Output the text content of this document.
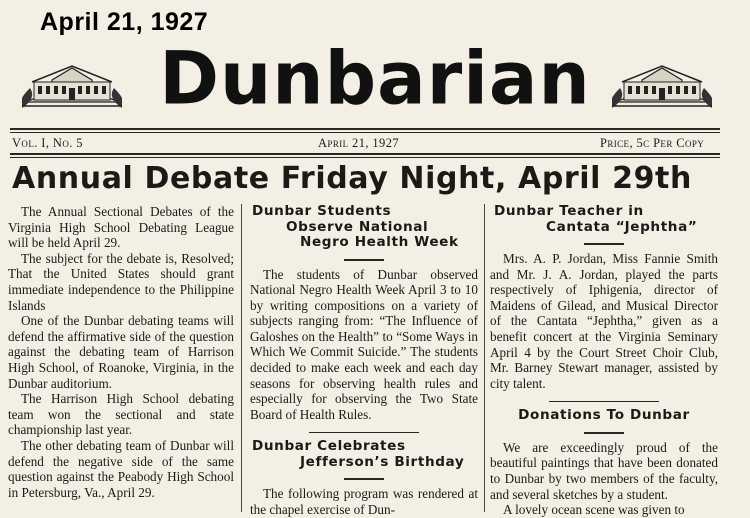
April 21, 1927
Dunbarian
Vol. I, No. 5	April 21, 1927	Price, 5c Per Copy
Annual Debate Friday Night, April 29th

The Annual Sectional Debates of the Virginia High School Debating League will be held April 29.

The subject for the debate is, Resolved; That the United States should grant immediate independence to the Philippine Islands

One of the Dunbar debating teams will defend the affirmative side of the question against the debating team of Harrison High School, of Roanoke, Virginia, in the Dunbar auditorium.

The Harrison High School debating team won the sectional and state championship last year.

The other debating team of Dunbar will defend the negative side of the same question against the Peabody High School in Petersburg, Va., April 29.

Dunbar Students
Observe National
Negro Health Week

The students of Dunbar observed National Negro Health Week April 3 to 10 by writing compositions on a variety of subjects ranging from: “The Influence of Galoshes on the Health” to “Some Ways in Which We Commit Suicide.” The students decided to make each week and each day seasons for observing health rules and especially for observing the Two State Board of Health Rules.

Dunbar Celebrates
Jefferson’s Birthday

The following program was rendered at the chapel exercise of Dun-

Dunbar Teacher in
Cantata “Jephtha”

Mrs. A. P. Jordan, Miss Fannie Smith and Mr. J. A. Jordan, played the parts respectively of Iphigenia, director of Maidens of Gilead, and Musical Director of the Cantata “Jephtha,” given as a benefit concert at the Virginia Seminary April 4 by the Court Street Choir Club, Mr. Barney Stewart manager, assisted by city talent.

Donations To Dunbar

We are exceedingly proud of the beautiful paintings that have been donated to Dunbar by two members of the faculty, and several sketches by a student.

A lovely ocean scene was given to
